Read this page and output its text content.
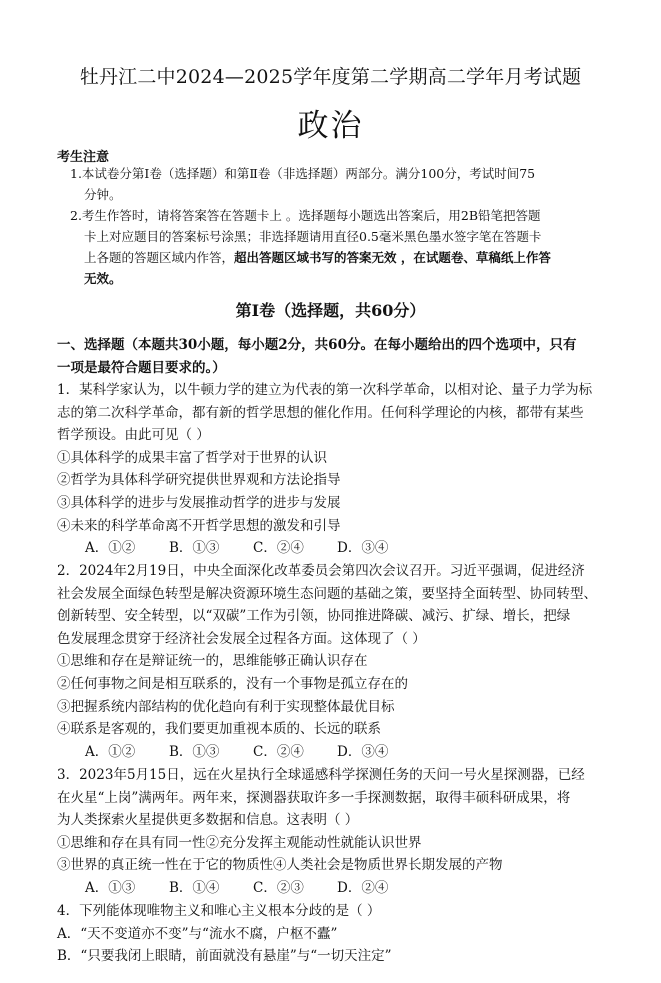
牡丹江二中2024—2025学年度第二学期高二学年月考试题
政治
考生注意
1.本试卷分第Ⅰ卷（选择题）和第Ⅱ卷（非选择题）两部分。满分100分，考试时间75
分钟。
2.考生作答时，请将答案答在答题卡上 。选择题每小题选出答案后，用2B铅笔把答题
卡上对应题目的答案标号涂黑；非选择题请用直径0.5毫米黑色墨水签字笔在答题卡
上各题的答题区域内作答，超出答题区域书写的答案无效 ，在试题卷、草稿纸上作答
无效。
第Ⅰ卷（选择题，共60分）
一、选择题（本题共30小题，每小题2分，共60分。在每小题给出的四个选项中，只有
一项是最符合题目要求的。）
1．某科学家认为，以牛顿力学的建立为代表的第一次科学革命，以相对论、量子力学为标
志的第二次科学革命，都有新的哲学思想的催化作用。任何科学理论的内核，都带有某些
哲学预设。由此可见（ ）
①具体科学的成果丰富了哲学对于世界的认识
②哲学为具体科学研究提供世界观和方法论指导
③具体科学的进步与发展推动哲学的进步与发展
④未来的科学革命离不开哲学思想的激发和引导
A．①②	B．①③ C．②④ D．③④
2．2024年2月19日，中央全面深化改革委员会第四次会议召开。习近平强调，促进经济
社会发展全面绿色转型是解决资源环境生态问题的基础之策，要坚持全面转型、协同转型、
创新转型、安全转型，以“双碳”工作为引领，协同推进降碳、减污、扩绿、增长，把绿
色发展理念贯穿于经济社会发展全过程各方面。这体现了（ ）
①思维和存在是辩证统一的，思维能够正确认识存在
②任何事物之间是相互联系的，没有一个事物是孤立存在的
③把握系统内部结构的优化趋向有利于实现整体最优目标
④联系是客观的，我们要更加重视本质的、长远的联系
A．①②	B．①③ C．②④ D．③④
3．2023年5月15日，远在火星执行全球遥感科学探测任务的天问一号火星探测器，已经
在火星“上岗”满两年。两年来，探测器获取许多一手探测数据，取得丰硕科研成果，将
为人类探索火星提供更多数据和信息。这表明（ ）
①思维和存在具有同一性②充分发挥主观能动性就能认识世界
③世界的真正统一性在于它的物质性④人类社会是物质世界长期发展的产物
A．①③	B．①④ C．②③ D．②④
4．下列能体现唯物主义和唯心主义根本分歧的是（ ）
A．“天不变道亦不变”与“流水不腐，户枢不蠹”
B．“只要我闭上眼睛，前面就没有悬崖”与“一切天注定”
